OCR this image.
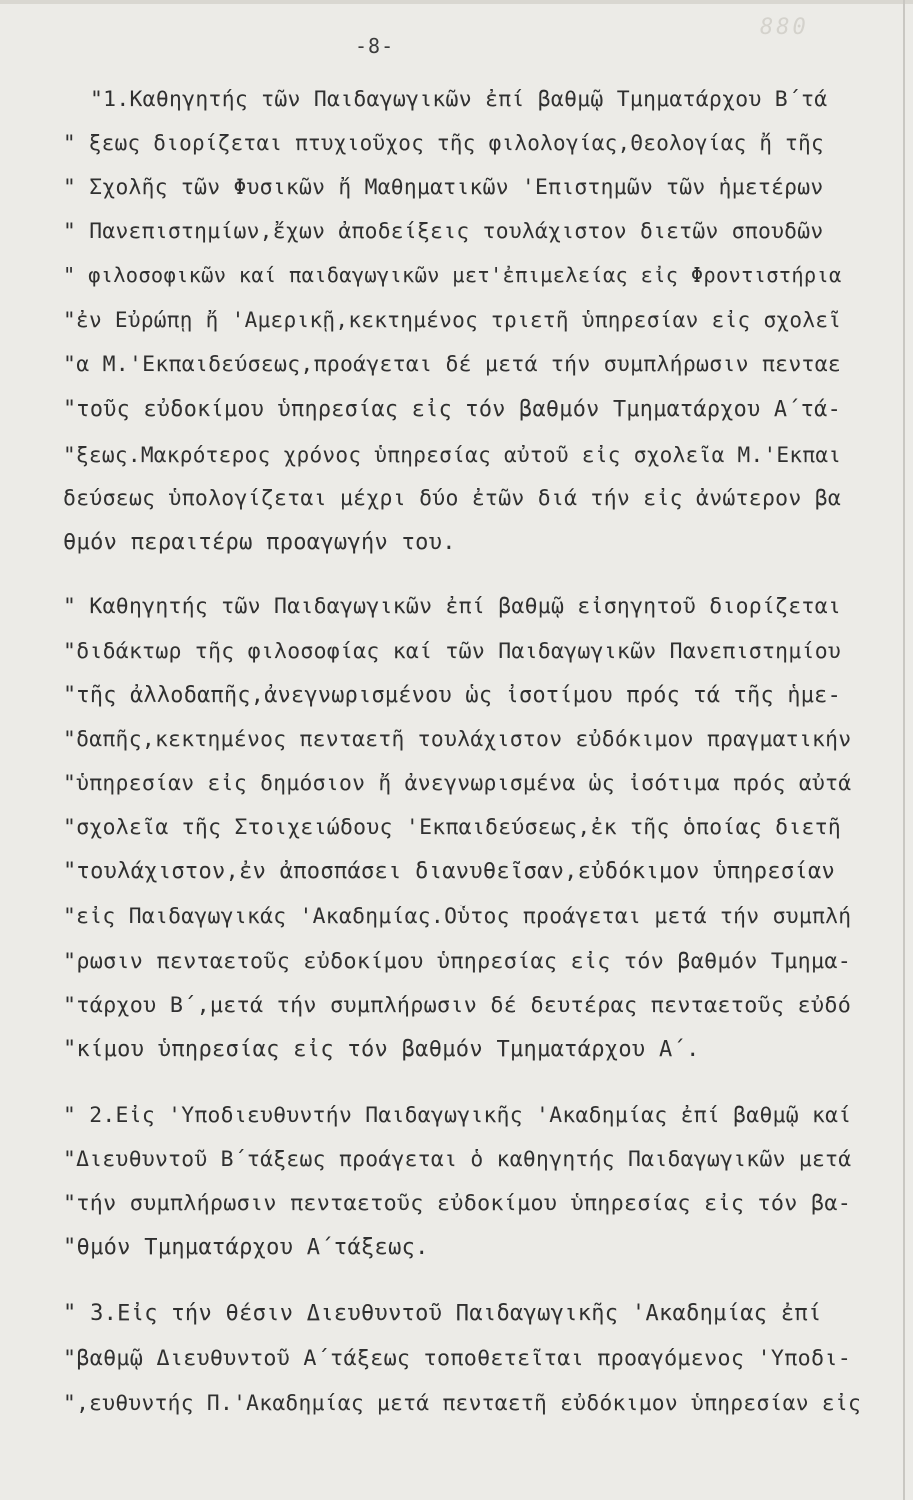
880
-8-
"1.Καθηγητής τῶν Παιδαγωγικῶν ἐπί βαθμῷ Τμηματάρχου Β΄τά
" ξεως διορίζεται πτυχιοῦχος τῆς φιλολογίας,Θεολογίας ἤ τῆς
" Σχολῆς τῶν Φυσικῶν ἤ Μαθηματικῶν 'Επιστημῶν τῶν ἡμετέρων
" Πανεπιστημίων,ἔχων ἀποδείξεις τουλάχιστον διετῶν σπουδῶν
" φιλοσοφικῶν καί παιδαγωγικῶν μετ'ἐπιμελείας εἰς Φροντιστήρια
"ἐν Εὐρώπῃ ἤ 'Αμερικῇ,κεκτημένος τριετῆ ὑπηρεσίαν εἰς σχολεῖ
"α Μ.'Εκπαιδεύσεως,προάγεται δέ μετά τήν συμπλήρωσιν πενταε
"τοῦς εὐδοκίμου ὑπηρεσίας εἰς τόν βαθμόν Τμηματάρχου Α΄τά-
"ξεως.Μακρότερος χρόνος ὑπηρεσίας αὐτοῦ εἰς σχολεῖα Μ.'Εκπαι
δεύσεως ὑπολογίζεται μέχρι δύο ἐτῶν διά τήν εἰς ἀνώτερον βα
θμόν περαιτέρω προαγωγήν του.
" Καθηγητής τῶν Παιδαγωγικῶν ἐπί βαθμῷ εἰσηγητοῦ διορίζεται
"διδάκτωρ τῆς φιλοσοφίας καί τῶν Παιδαγωγικῶν Πανεπιστημίου
"τῆς ἀλλοδαπῆς,ἀνεγνωρισμένου ὡς ἰσοτίμου πρός τά τῆς ἡμε-
"δαπῆς,κεκτημένος πενταετῆ τουλάχιστον εὐδόκιμον πραγματικήν
"ὑπηρεσίαν εἰς δημόσιον ἤ ἀνεγνωρισμένα ὡς ἰσότιμα πρός αὐτά
"σχολεῖα τῆς Στοιχειώδους 'Εκπαιδεύσεως,ἐκ τῆς ὁποίας διετῆ
"τουλάχιστον,ἐν ἀποσπάσει διανυθεῖσαν,εὐδόκιμον ὑπηρεσίαν
"εἰς Παιδαγωγικάς 'Ακαδημίας.Οὗτος προάγεται μετά τήν συμπλή
"ρωσιν πενταετοῦς εὐδοκίμου ὑπηρεσίας εἰς τόν βαθμόν Τμημα-
"τάρχου Β΄,μετά τήν συμπλήρωσιν δέ δευτέρας πενταετοῦς εὐδό
"κίμου ὑπηρεσίας εἰς τόν βαθμόν Τμηματάρχου Α΄.
" 2.Εἰς 'Υποδιευθυντήν Παιδαγωγικῆς 'Ακαδημίας ἐπί βαθμῷ καί
"Διευθυντοῦ Β΄τάξεως προάγεται ὁ καθηγητής Παιδαγωγικῶν μετά
"τήν συμπλήρωσιν πενταετοῦς εὐδοκίμου ὑπηρεσίας εἰς τόν βα-
"θμόν Τμηματάρχου Α΄τάξεως.
" 3.Εἰς τήν θέσιν Διευθυντοῦ Παιδαγωγικῆς 'Ακαδημίας ἐπί
"βαθμῷ Διευθυντοῦ Α΄τάξεως τοποθετεῖται προαγόμενος 'Υποδι-
",ευθυντής Π.'Ακαδημίας μετά πενταετῆ εὐδόκιμον ὑπηρεσίαν εἰς
